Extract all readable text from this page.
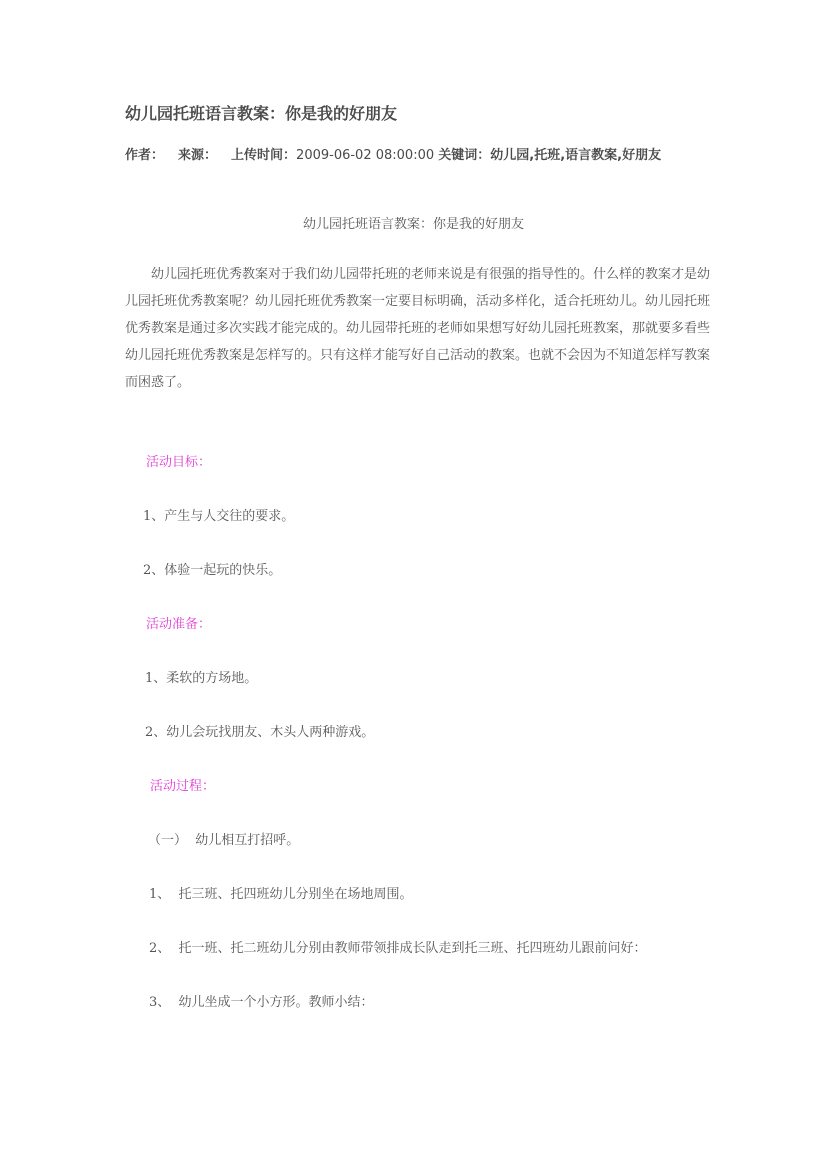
幼儿园托班语言教案：你是我的好朋友
作者： 来源： 上传时间：2009-06-02 08:00:00 关键词：幼儿园,托班,语言教案,好朋友
幼儿园托班语言教案：你是我的好朋友
幼儿园托班优秀教案对于我们幼儿园带托班的老师来说是有很强的指导性的。什么样的教案才是幼儿园托班优秀教案呢？幼儿园托班优秀教案一定要目标明确，活动多样化，适合托班幼儿。幼儿园托班优秀教案是通过多次实践才能完成的。幼儿园带托班的老师如果想写好幼儿园托班教案，那就要多看些幼儿园托班优秀教案是怎样写的。只有这样才能写好自己活动的教案。也就不会因为不知道怎样写教案而困惑了。
活动目标：
1、产生与人交往的要求。
2、体验一起玩的快乐。
活动准备：
1、柔软的方场地。
2、幼儿会玩找朋友、木头人两种游戏。
活动过程：
（一）  幼儿相互打招呼。
1、  托三班、托四班幼儿分别坐在场地周围。
2、  托一班、托二班幼儿分别由教师带领排成长队走到托三班、托四班幼儿跟前问好：
3、  幼儿坐成一个小方形。教师小结：
